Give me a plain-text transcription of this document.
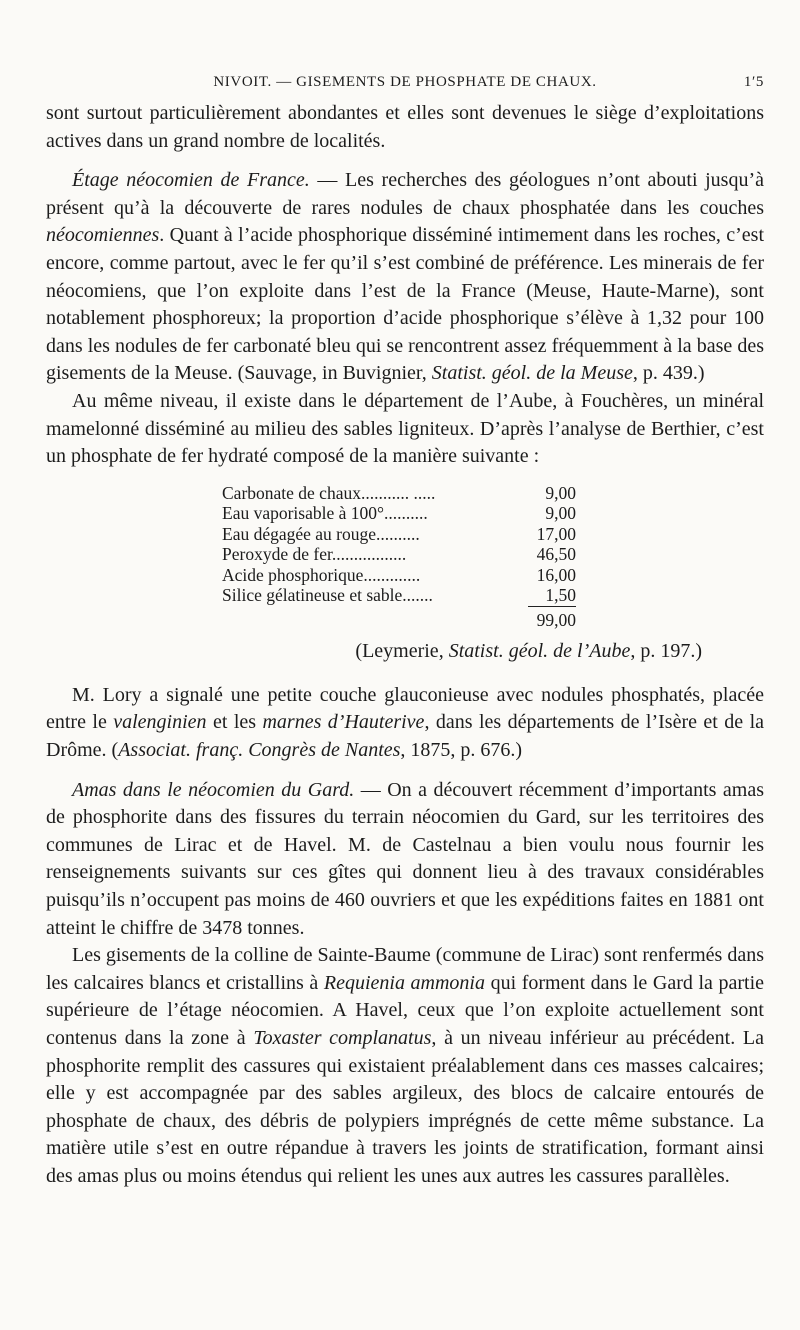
NIVOIT. — GISEMENTS DE PHOSPHATE DE CHAUX.	1′5

sont surtout particulièrement abondantes et elles sont devenues le siège d’exploitations actives dans un grand nombre de localités.

Étage néocomien de France. — Les recherches des géologues n’ont abouti jusqu’à présent qu’à la découverte de rares nodules de chaux phosphatée dans les couches néocomiennes. Quant à l’acide phosphorique disséminé intimement dans les roches, c’est encore, comme partout, avec le fer qu’il s’est combiné de préférence. Les minerais de fer néocomiens, que l’on exploite dans l’est de la France (Meuse, Haute-Marne), sont notablement phosphoreux; la proportion d’acide phosphorique s’élève à 1,32 pour 100 dans les nodules de fer carbonaté bleu qui se rencontrent assez fréquemment à la base des gisements de la Meuse. (Sauvage, in Buvignier, Statist. géol. de la Meuse, p. 439.)

Au même niveau, il existe dans le département de l’Aube, à Fouchères, un minéral mamelonné disséminé au milieu des sables ligniteux. D’après l’analyse de Berthier, c’est un phosphate de fer hydraté composé de la manière suivante :

Carbonate de chaux........... .....	9,00
Eau vaporisable à 100°..........	9,00
Eau dégagée au rouge..........	17,00
Peroxyde de fer.................	46,50
Acide phosphorique.............	16,00
Silice gélatineuse et sable.......	1,50
	99,00
(Leymerie, Statist. géol. de l’Aube, p. 197.)

M. Lory a signalé une petite couche glauconieuse avec nodules phosphatés, placée entre le valenginien et les marnes d’Hauterive, dans les départements de l’Isère et de la Drôme. (Associat. franç. Congrès de Nantes, 1875, p. 676.)

Amas dans le néocomien du Gard. — On a découvert récemment d’importants amas de phosphorite dans des fissures du terrain néocomien du Gard, sur les territoires des communes de Lirac et de Havel. M. de Castelnau a bien voulu nous fournir les renseignements suivants sur ces gîtes qui donnent lieu à des travaux considérables puisqu’ils n’occupent pas moins de 460 ouvriers et que les expéditions faites en 1881 ont atteint le chiffre de 3478 tonnes.

Les gisements de la colline de Sainte-Baume (commune de Lirac) sont renfermés dans les calcaires blancs et cristallins à Requienia ammonia qui forment dans le Gard la partie supérieure de l’étage néocomien. A Havel, ceux que l’on exploite actuellement sont contenus dans la zone à Toxaster complanatus, à un niveau inférieur au précédent. La phosphorite remplit des cassures qui existaient préalablement dans ces masses calcaires; elle y est accompagnée par des sables argileux, des blocs de calcaire entourés de phosphate de chaux, des débris de polypiers imprégnés de cette même substance. La matière utile s’est en outre répandue à travers les joints de stratification, formant ainsi des amas plus ou moins étendus qui relient les unes aux autres les cassures parallèles.
